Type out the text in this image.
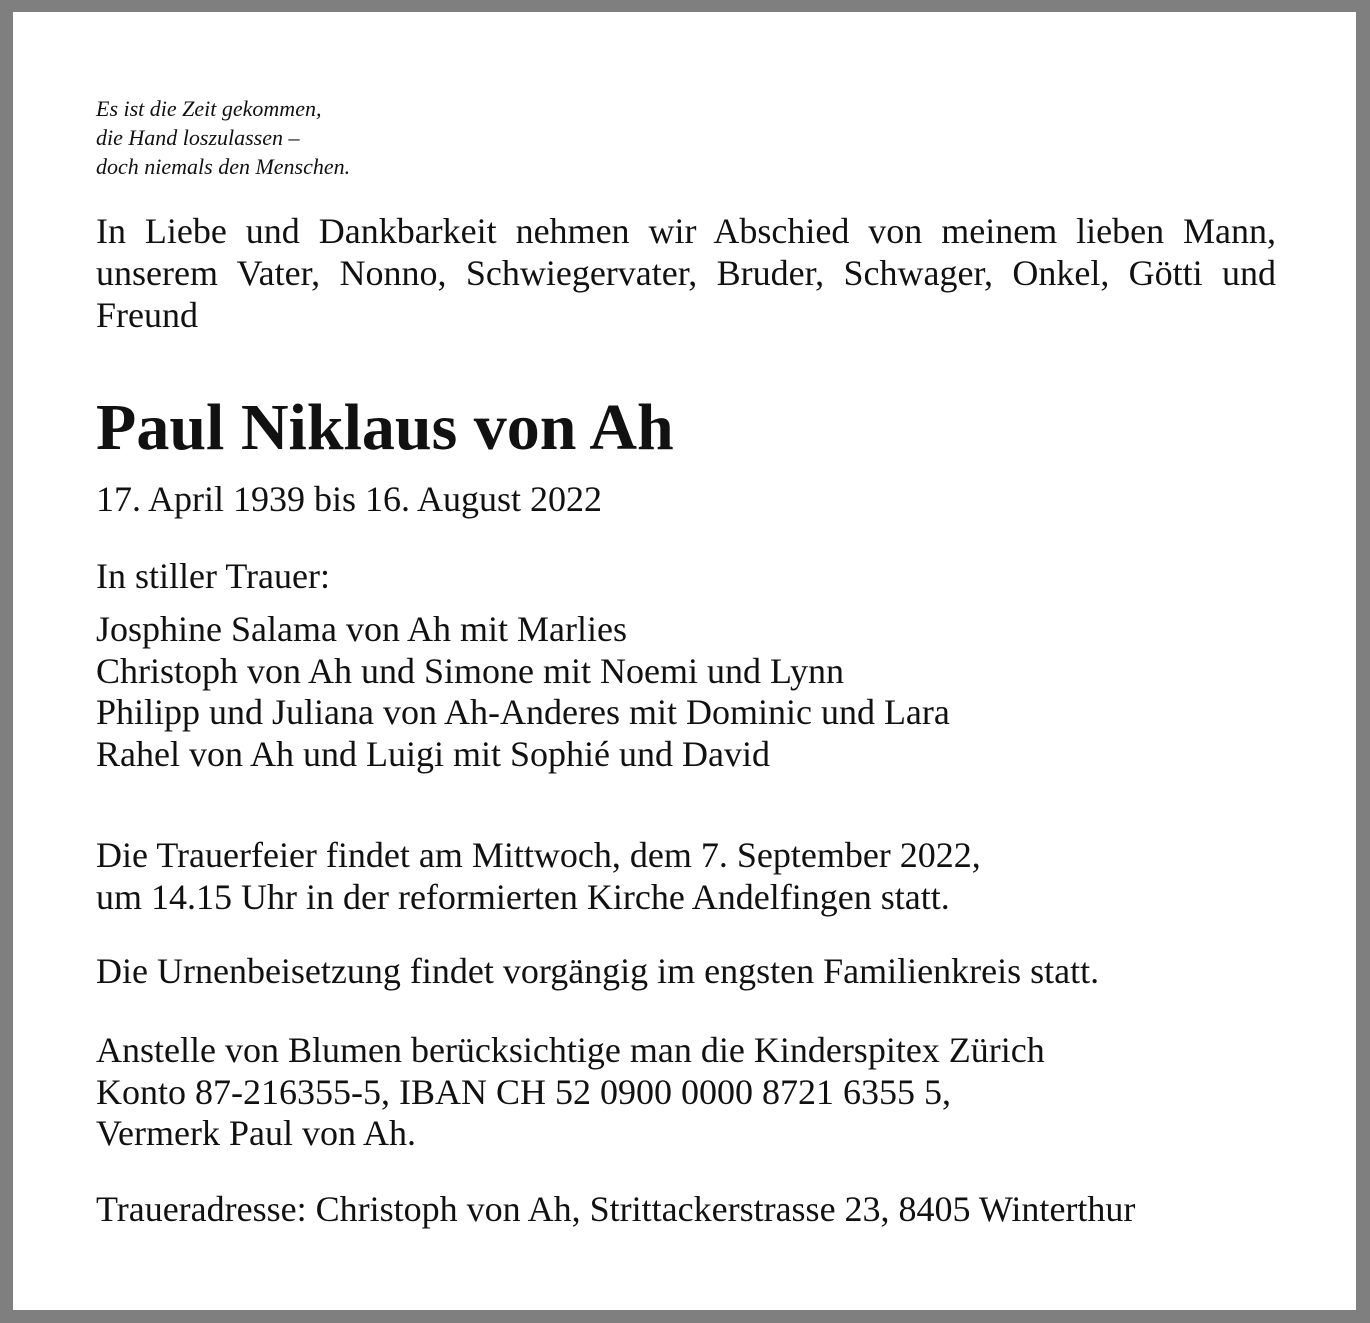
Es ist die Zeit gekommen,
die Hand loszulassen –
doch niemals den Menschen.
In Liebe und Dankbarkeit nehmen wir Abschied von meinem lieben Mann, unserem Vater, Nonno, Schwiegervater, Bruder, Schwager, Onkel, Götti und Freund
Paul Niklaus von Ah
17. April 1939 bis 16. August 2022
In stiller Trauer:
Josphine Salama von Ah mit Marlies
Christoph von Ah und Simone mit Noemi und Lynn
Philipp und Juliana von Ah-Anderes mit Dominic und Lara
Rahel von Ah und Luigi mit Sophié und David
Die Trauerfeier findet am Mittwoch, dem 7. September 2022,
um 14.15 Uhr in der reformierten Kirche Andelfingen statt.
Die Urnenbeisetzung findet vorgängig im engsten Familienkreis statt.
Anstelle von Blumen berücksichtige man die Kinderspitex Zürich
Konto 87-216355-5, IBAN CH 52 0900 0000 8721 6355 5,
Vermerk Paul von Ah.
Traueradresse: Christoph von Ah, Strittackerstrasse 23, 8405 Winterthur
